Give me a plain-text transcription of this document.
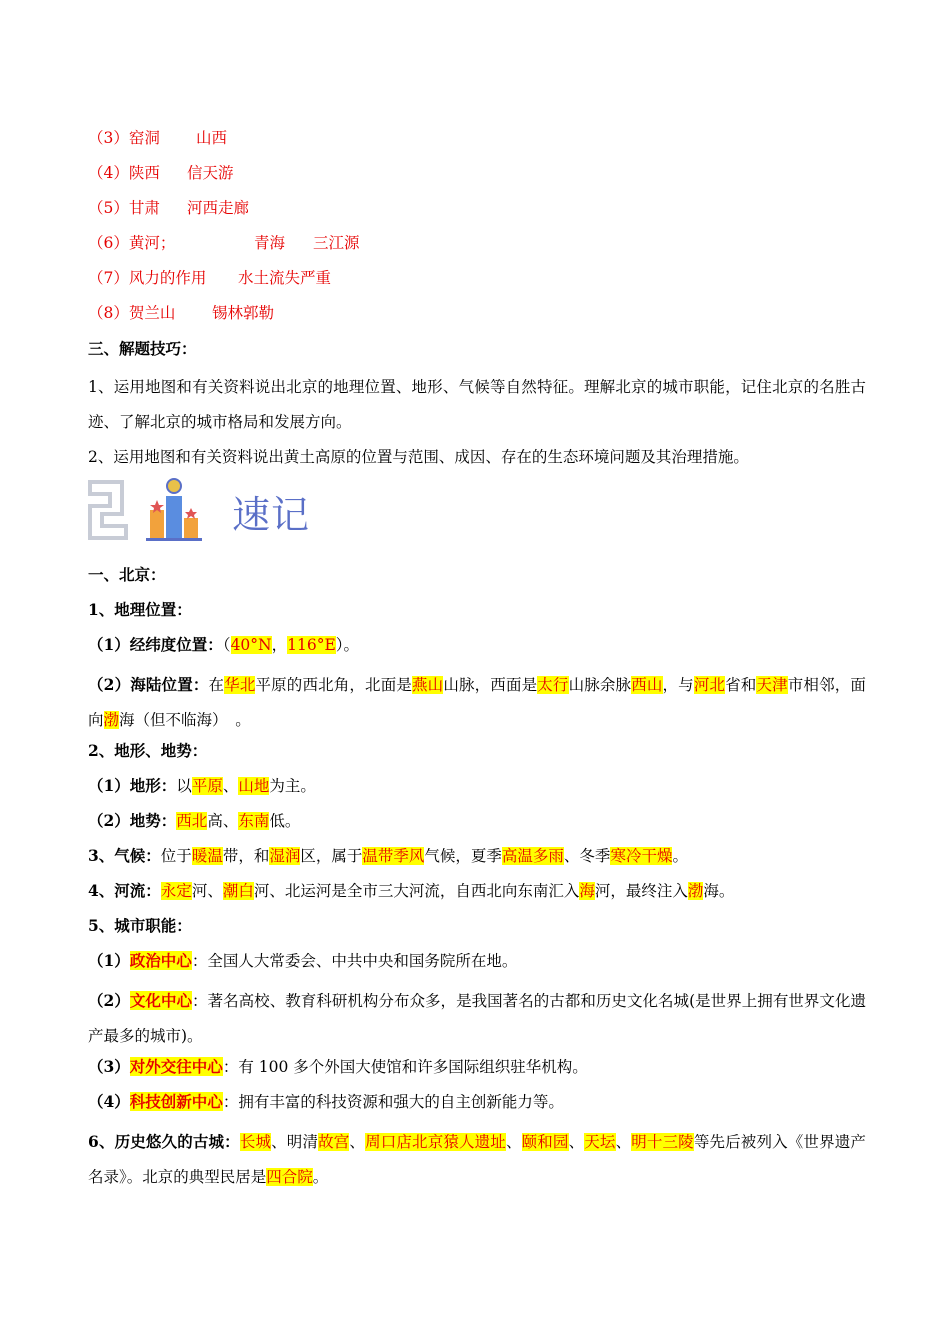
（3）窑洞 山西
（4）陕西 信天游
（5）甘肃 河西走廊
（6）黄河；	青海 三江源
（7）风力的作用 水土流失严重
（8）贺兰山 锡林郭勒
三、解题技巧：
1、运用地图和有关资料说出北京的地理位置、地形、气候等自然特征。理解北京的城市职能，记住北京的名胜古迹、了解北京的城市格局和发展方向。
2、运用地图和有关资料说出黄土高原的位置与范围、成因、存在的生态环境问题及其治理措施。
速记
一、北京：
1、地理位置：
（1）经纬度位置：（40°N，116°E）。
（2）海陆位置：在华北平原的西北角，北面是燕山山脉，西面是太行山脉余脉西山，与河北省和天津市相邻，面向渤海（但不临海）　。
2、地形、地势：
（1）地形：以平原、山地为主。
（2）地势：西北高、东南低。
3、气候：位于暖温带，和湿润区，属于温带季风气候，夏季高温多雨、冬季寒冷干燥。
4、河流：永定河、潮白河、北运河是全市三大河流，自西北向东南汇入海河，最终注入渤海。
5、城市职能：
（1）政治中心：全国人大常委会、中共中央和国务院所在地。
（2）文化中心：著名高校、教育科研机构分布众多，是我国著名的古都和历史文化名城(是世界上拥有世界文化遗产最多的城市)。
（3）对外交往中心：有 100 多个外国大使馆和许多国际组织驻华机构。
（4）科技创新中心：拥有丰富的科技资源和强大的自主创新能力等。
6、历史悠久的古城：长城、明清故宫、周口店北京猿人遗址、颐和园、天坛、明十三陵等先后被列入《世界遗产名录》。北京的典型民居是四合院。
